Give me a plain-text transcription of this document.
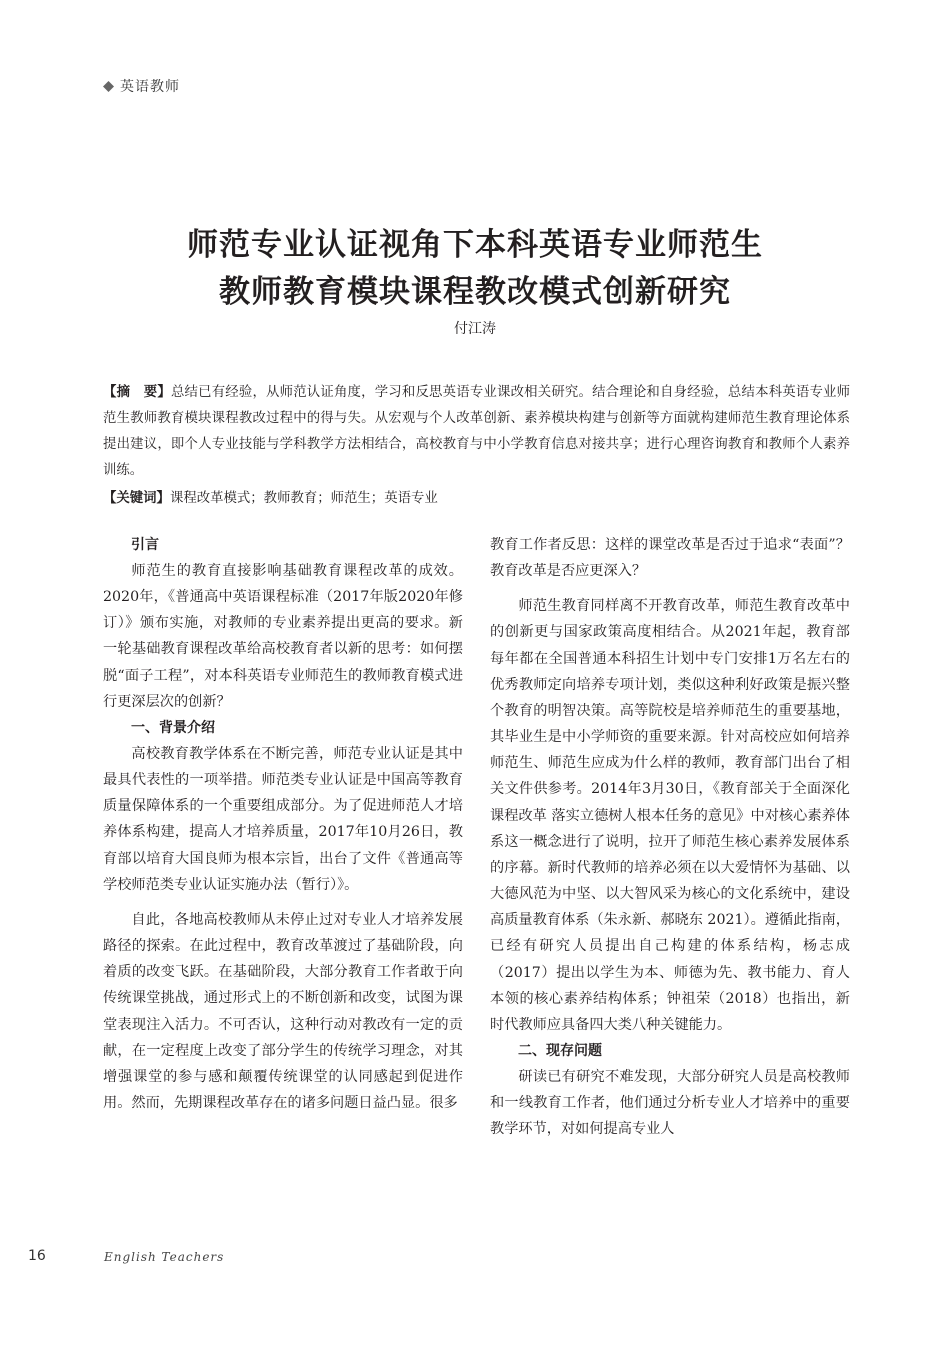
英语教师
师范专业认证视角下本科英语专业师范生
教师教育模块课程教改模式创新研究
付江涛
【摘　要】总结已有经验，从师范认证角度，学习和反思英语专业课改相关研究。结合理论和自身经验，总结本科英语专业师范生教师教育模块课程教改过程中的得与失。从宏观与个人改革创新、素养模块构建与创新等方面就构建师范生教育理论体系提出建议，即个人专业技能与学科教学方法相结合，高校教育与中小学教育信息对接共享；进行心理咨询教育和教师个人素养训练。
【关键词】课程改革模式；教师教育；师范生；英语专业
引言

师范生的教育直接影响基础教育课程改革的成效。2020年，《普通高中英语课程标准（2017年版2020年修订）》颁布实施，对教师的专业素养提出更高的要求。新一轮基础教育课程改革给高校教育者以新的思考：如何摆脱“面子工程”，对本科英语专业师范生的教师教育模式进行更深层次的创新？

一、背景介绍

高校教育教学体系在不断完善，师范专业认证是其中最具代表性的一项举措。师范类专业认证是中国高等教育质量保障体系的一个重要组成部分。为了促进师范人才培养体系构建，提高人才培养质量，2017年10月26日，教育部以培育大国良师为根本宗旨，出台了文件《普通高等学校师范类专业认证实施办法（暂行）》。

自此，各地高校教师从未停止过对专业人才培养发展路径的探索。在此过程中，教育改革渡过了基础阶段，向着质的改变飞跃。在基础阶段，大部分教育工作者敢于向传统课堂挑战，通过形式上的不断创新和改变，试图为课堂表现注入活力。不可否认，这种行动对教改有一定的贡献，在一定程度上改变了部分学生的传统学习理念，对其增强课堂的参与感和颠覆传统课堂的认同感起到促进作用。然而，先期课程改革存在的诸多问题日益凸显。很多

教育工作者反思：这样的课堂改革是否过于追求“表面”？教育改革是否应更深入？

师范生教育同样离不开教育改革，师范生教育改革中的创新更与国家政策高度相结合。从2021年起，教育部每年都在全国普通本科招生计划中专门安排1万名左右的优秀教师定向培养专项计划，类似这种利好政策是振兴整个教育的明智决策。高等院校是培养师范生的重要基地，其毕业生是中小学师资的重要来源。针对高校应如何培养师范生、师范生应成为什么样的教师，教育部门出台了相关文件供参考。2014年3月30日，《教育部关于全面深化课程改革 落实立德树人根本任务的意见》中对核心素养体系这一概念进行了说明，拉开了师范生核心素养发展体系的序幕。新时代教师的培养必须在以大爱情怀为基础、以大德风范为中坚、以大智风采为核心的文化系统中，建设高质量教育体系（朱永新、郝晓东 2021）。遵循此指南，已经有研究人员提出自己构建的体系结构，杨志成（2017）提出以学生为本、师德为先、教书能力、育人本领的核心素养结构体系；钟祖荣（2018）也指出，新时代教师应具备四大类八种关键能力。

二、现存问题

研读已有研究不难发现，大部分研究人员是高校教师和一线教育工作者，他们通过分析专业人才培养中的重要教学环节，对如何提高专业人

16	English Teachers
